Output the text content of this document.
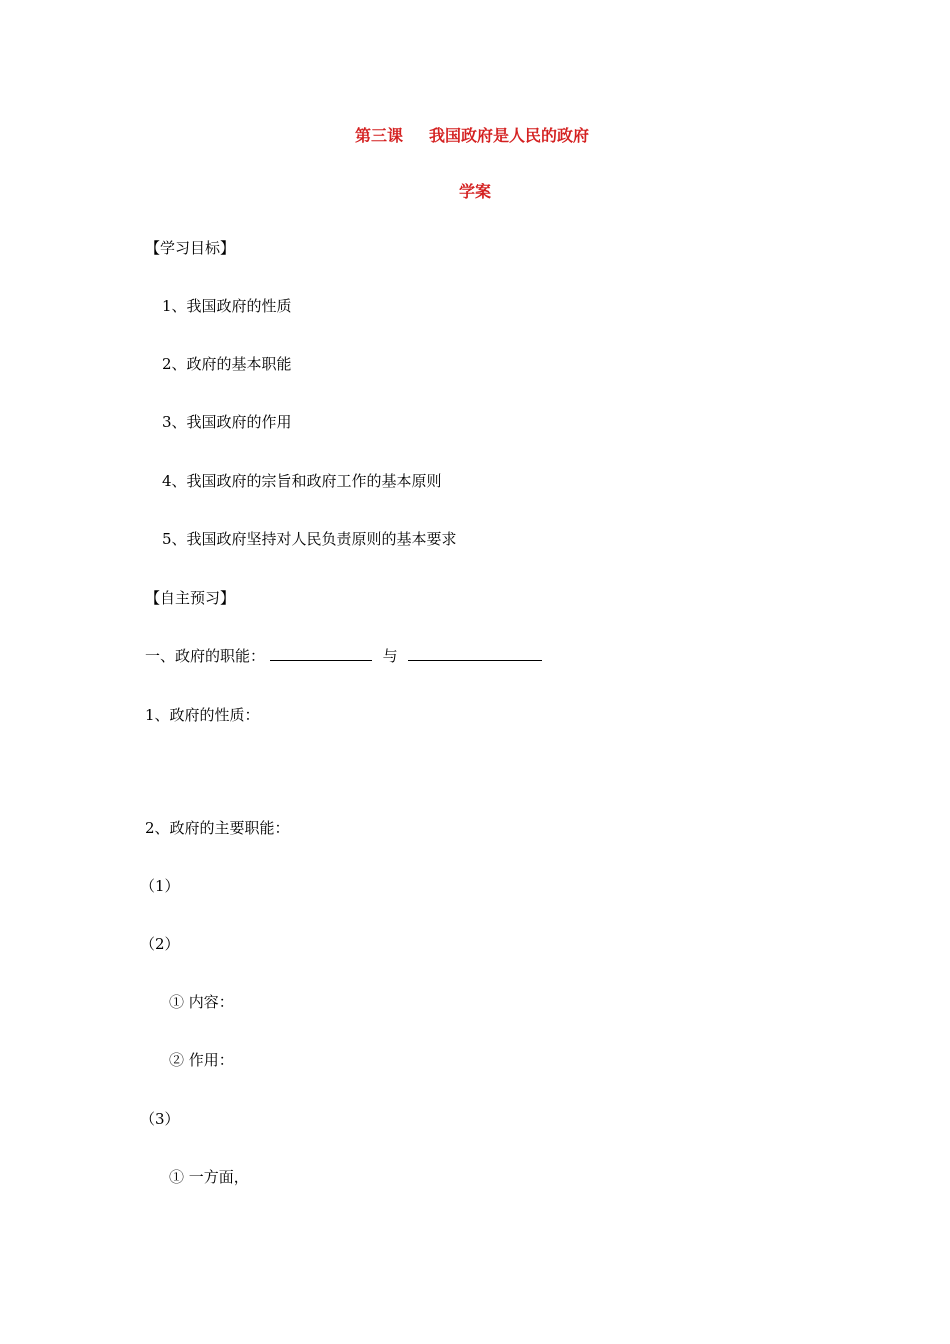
第三课 我国政府是人民的政府
学案
【学习目标】
1、我国政府的性质
2、政府的基本职能
3、我国政府的作用
4、我国政府的宗旨和政府工作的基本原则
5、我国政府坚持对人民负责原则的基本要求
【自主预习】
一、政府的职能：	与
1、政府的性质：
2、政府的主要职能：
（1）
（2）
① 内容：
② 作用：
（3）
① 一方面，
